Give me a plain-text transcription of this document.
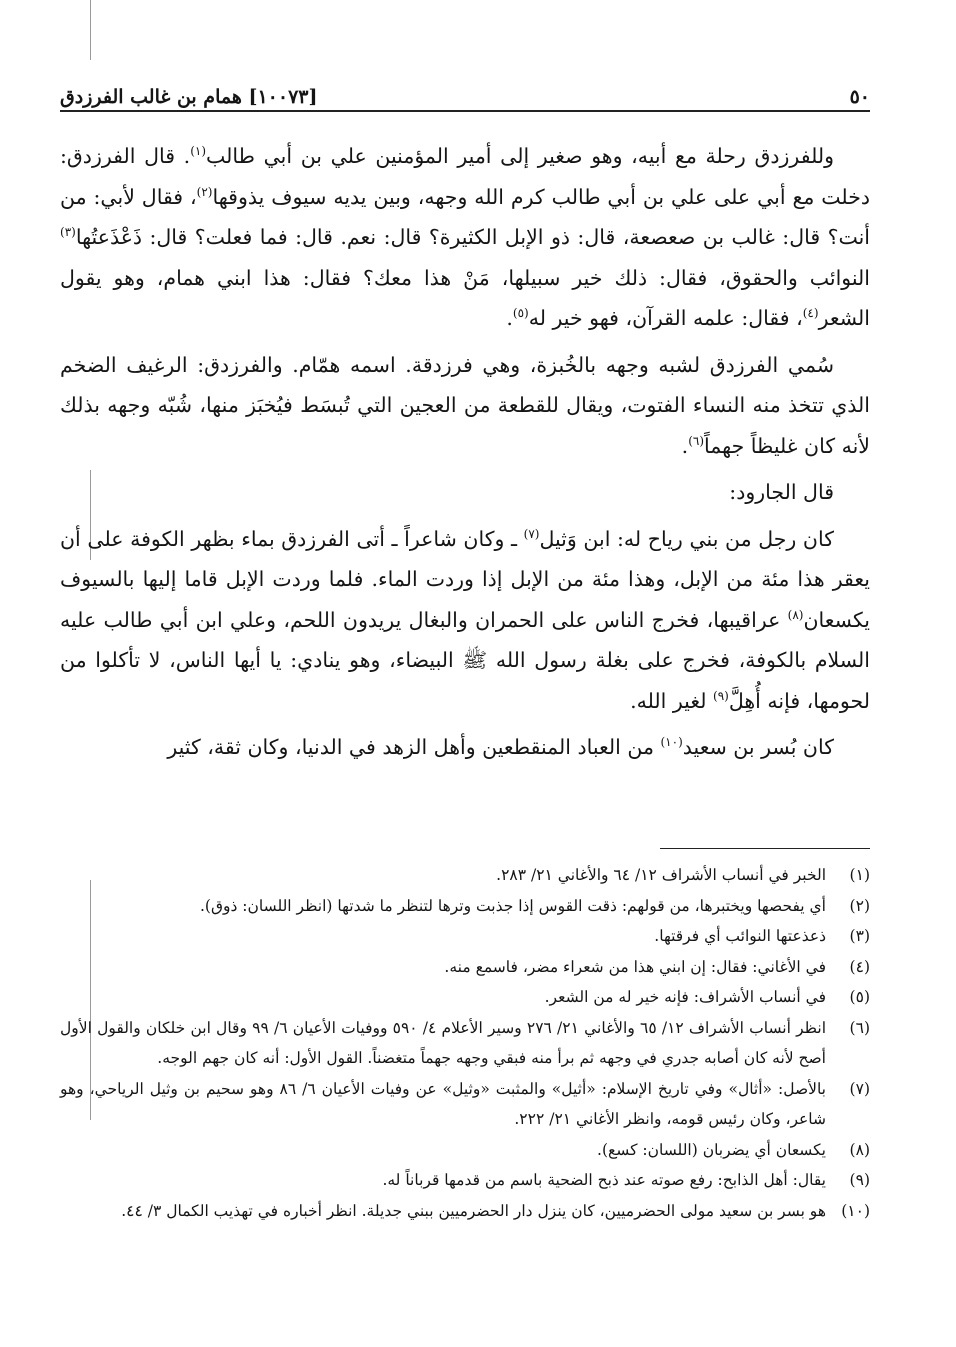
٥٠
[١٠٠٧٣] همام بن غالب الفرزدق

وللفرزدق رحلة مع أبيه، وهو صغير إلى أمير المؤمنين علي بن أبي طالب$^{(١)}$. قال الفرزدق: دخلت مع أبي على علي بن أبي طالب كرم الله وجهه، وبين يديه سيوف يذوقها$^{(٢)}$، فقال لأبي: من أنت؟ قال: غالب بن صعصعة، قال: ذو الإبل الكثيرة؟ قال: نعم. قال: فما فعلت؟ قال: ذَعْذَعتُها$^{(٣)}$ النوائب والحقوق، فقال: ذلك خير سبيلها، مَنْ هذا معك؟ فقال: هذا ابني همام، وهو يقول الشعر$^{(٤)}$، فقال: علمه القرآن، فهو خير له$^{(٥)}$.

سُمي الفرزدق لشبه وجهه بالخُبزة، وهي فرزدقة. اسمه همّام. والفرزدق: الرغيف الضخم الذي تتخذ منه النساء الفتوت، ويقال للقطعة من العجين التي تُبسَط فيُخبَز منها، شُبّه وجهه بذلك لأنه كان غليظاً جهماً$^{(٦)}$.

قال الجارود:

كان رجل من بني رياح له: ابن وَثيل$^{(٧)}$ ـ وكان شاعراً ـ أتى الفرزدق بماء بظهر الكوفة على أن يعقر هذا مئة من الإبل، وهذا مئة من الإبل إذا وردت الماء. فلما وردت الإبل قاما إليها بالسيوف يكسعان$^{(٨)}$ عراقيبها، فخرج الناس على الحمران والبغال يريدون اللحم، وعلي ابن أبي طالب عليه السلام بالكوفة، فخرج على بغلة رسول الله ﷺ البيضاء، وهو ينادي: يا أيها الناس، لا تأكلوا من لحومها، فإنه أُهِلَّ$^{(٩)}$ لغير الله.

كان بُسر بن سعيد$^{(١٠)}$ من العباد المنقطعين وأهل الزهد في الدنيا، وكان ثقة، كثير

(١)
الخبر في أنساب الأشراف ١٢/ ٦٤ والأغاني ٢١/ ٢٨٣.
(٢)
أي يفحصها ويختبرها، من قولهم: ذقت القوس إذا جذبت وترها لتنظر ما شدتها (انظر اللسان: ذوق).
(٣)
ذعذعتها النوائب أي فرقتها.
(٤)
في الأغاني: فقال: إن ابني هذا من شعراء مضر، فاسمع منه.
(٥)
في أنساب الأشراف: فإنه خير له من الشعر.
(٦)
انظر أنساب الأشراف ١٢/ ٦٥ والأغاني ٢١/ ٢٧٦ وسير الأعلام ٤/ ٥٩٠ ووفيات الأعيان ٦/ ٩٩ وقال ابن خلكان والقول الأول أصح لأنه كان أصابه جدري في وجهه ثم برأ منه فبقي وجهه جهماً متغضناً. القول الأول: أنه كان جهم الوجه.
(٧)
بالأصل: «أثال» وفي تاريخ الإسلام: «أثيل» والمثبت «وثيل» عن وفيات الأعيان ٦/ ٨٦ وهو سحيم بن وثيل الرياحي، وهو شاعر، وكان رئيس قومه، وانظر الأغاني ٢١/ ٢٢٢.
(٨)
يكسعان أي يضربان (اللسان: كسع).
(٩)
يقال: أهل الذابح: رفع صوته عند ذبح الضحية باسم من قدمها قرباناً له.
(١٠)
هو بسر بن سعيد مولى الحضرميين، كان ينزل دار الحضرميين ببني جديلة. انظر أخباره في تهذيب الكمال ٣/ ٤٤.
